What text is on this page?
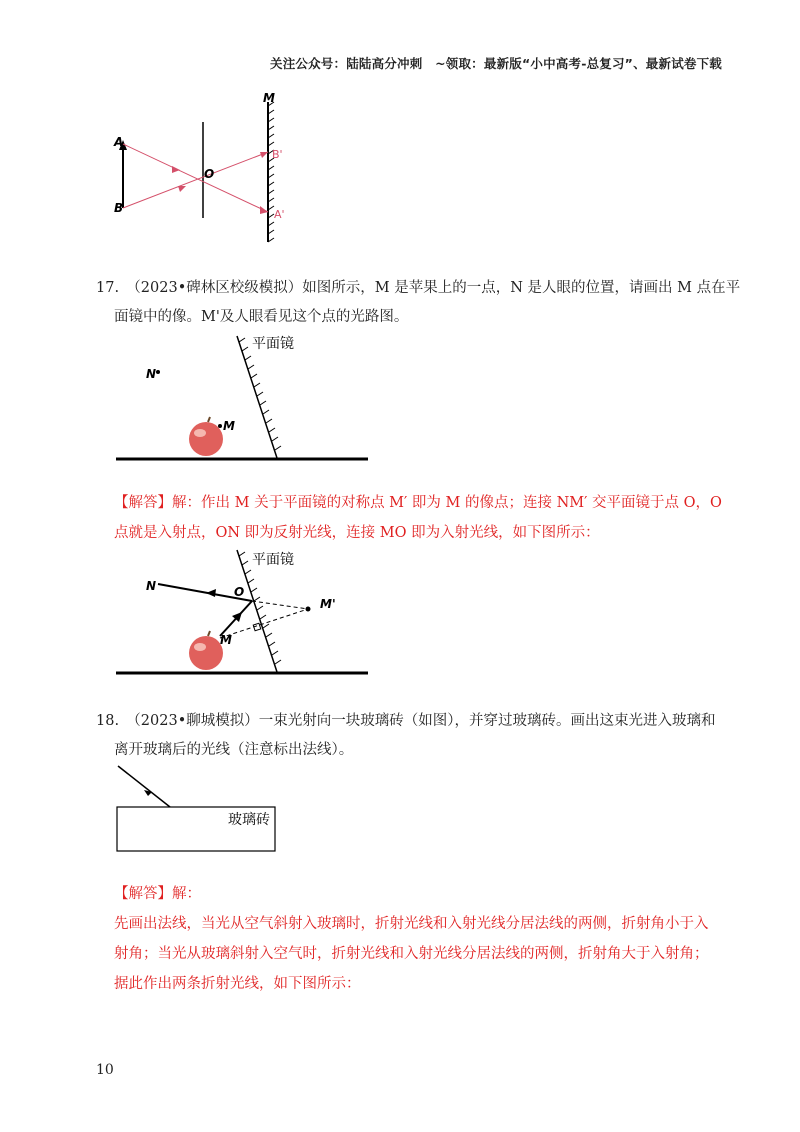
关注公众号：陆陆高分冲刺　~领取：最新版“小中高考-总复习”、最新试卷下载
A
B
O
M
B'
A'
17.　（2023•碑林区校级模拟）如图所示，M 是苹果上的一点，N 是人眼的位置，请画出 M 点在平
面镜中的像。M'及人眼看见这个点的光路图。
平面镜
N
M
【解答】解：作出 M 关于平面镜的对称点 M′ 即为 M 的像点；连接 NM′ 交平面镜于点 O，O
点就是入射点，ON 即为反射光线，连接 MO 即为入射光线，如下图所示：
平面镜
N	O
M
M'
18.　（2023•聊城模拟）一束光射向一块玻璃砖（如图），并穿过玻璃砖。画出这束光进入玻璃和
离开玻璃后的光线（注意标出法线）。
玻璃砖
【解答】解：
先画出法线，当光从空气斜射入玻璃时，折射光线和入射光线分居法线的两侧，折射角小于入
射角；当光从玻璃斜射入空气时，折射光线和入射光线分居法线的两侧，折射角大于入射角；
据此作出两条折射光线，如下图所示：
10
